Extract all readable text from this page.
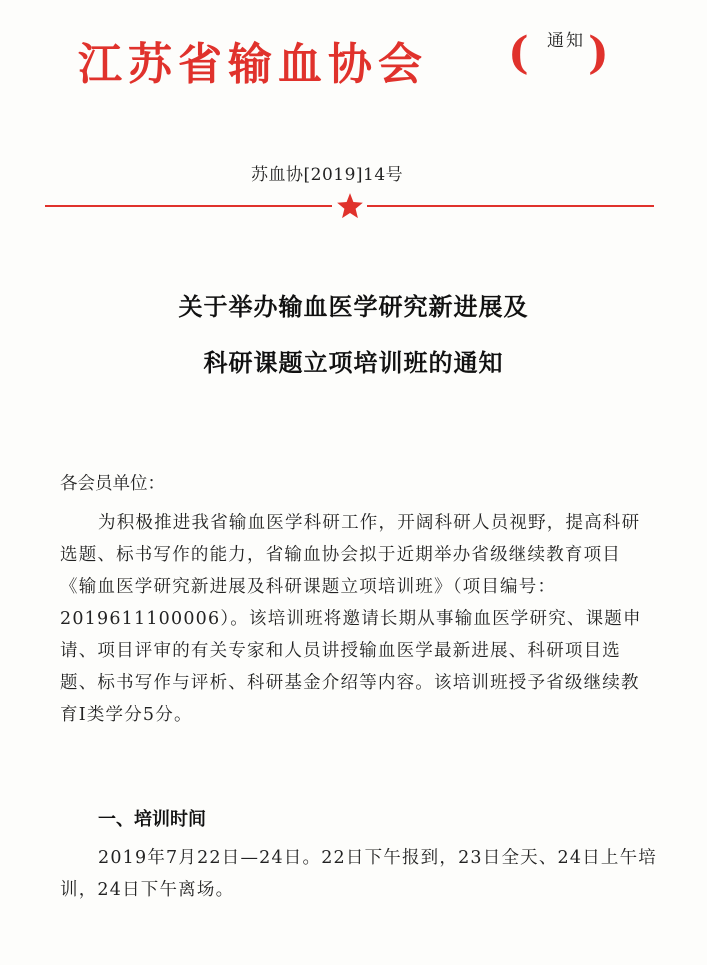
江苏省输血协会 ( 通知 )
苏血协[2019]14号
关于举办输血医学研究新进展及
科研课题立项培训班的通知
各会员单位：
为积极推进我省输血医学科研工作，开阔科研人员视野，提高科研选题、标书写作的能力，省输血协会拟于近期举办省级继续教育项目《输血医学研究新进展及科研课题立项培训班》（项目编号：2019611100006）。该培训班将邀请长期从事输血医学研究、课题申请、项目评审的有关专家和人员讲授输血医学最新进展、科研项目选题、标书写作与评析、科研基金介绍等内容。该培训班授予省级继续教育Ⅰ类学分5分。
一、培训时间
2019年7月22日—24日。22日下午报到，23日全天、24日上午培训，24日下午离场。
